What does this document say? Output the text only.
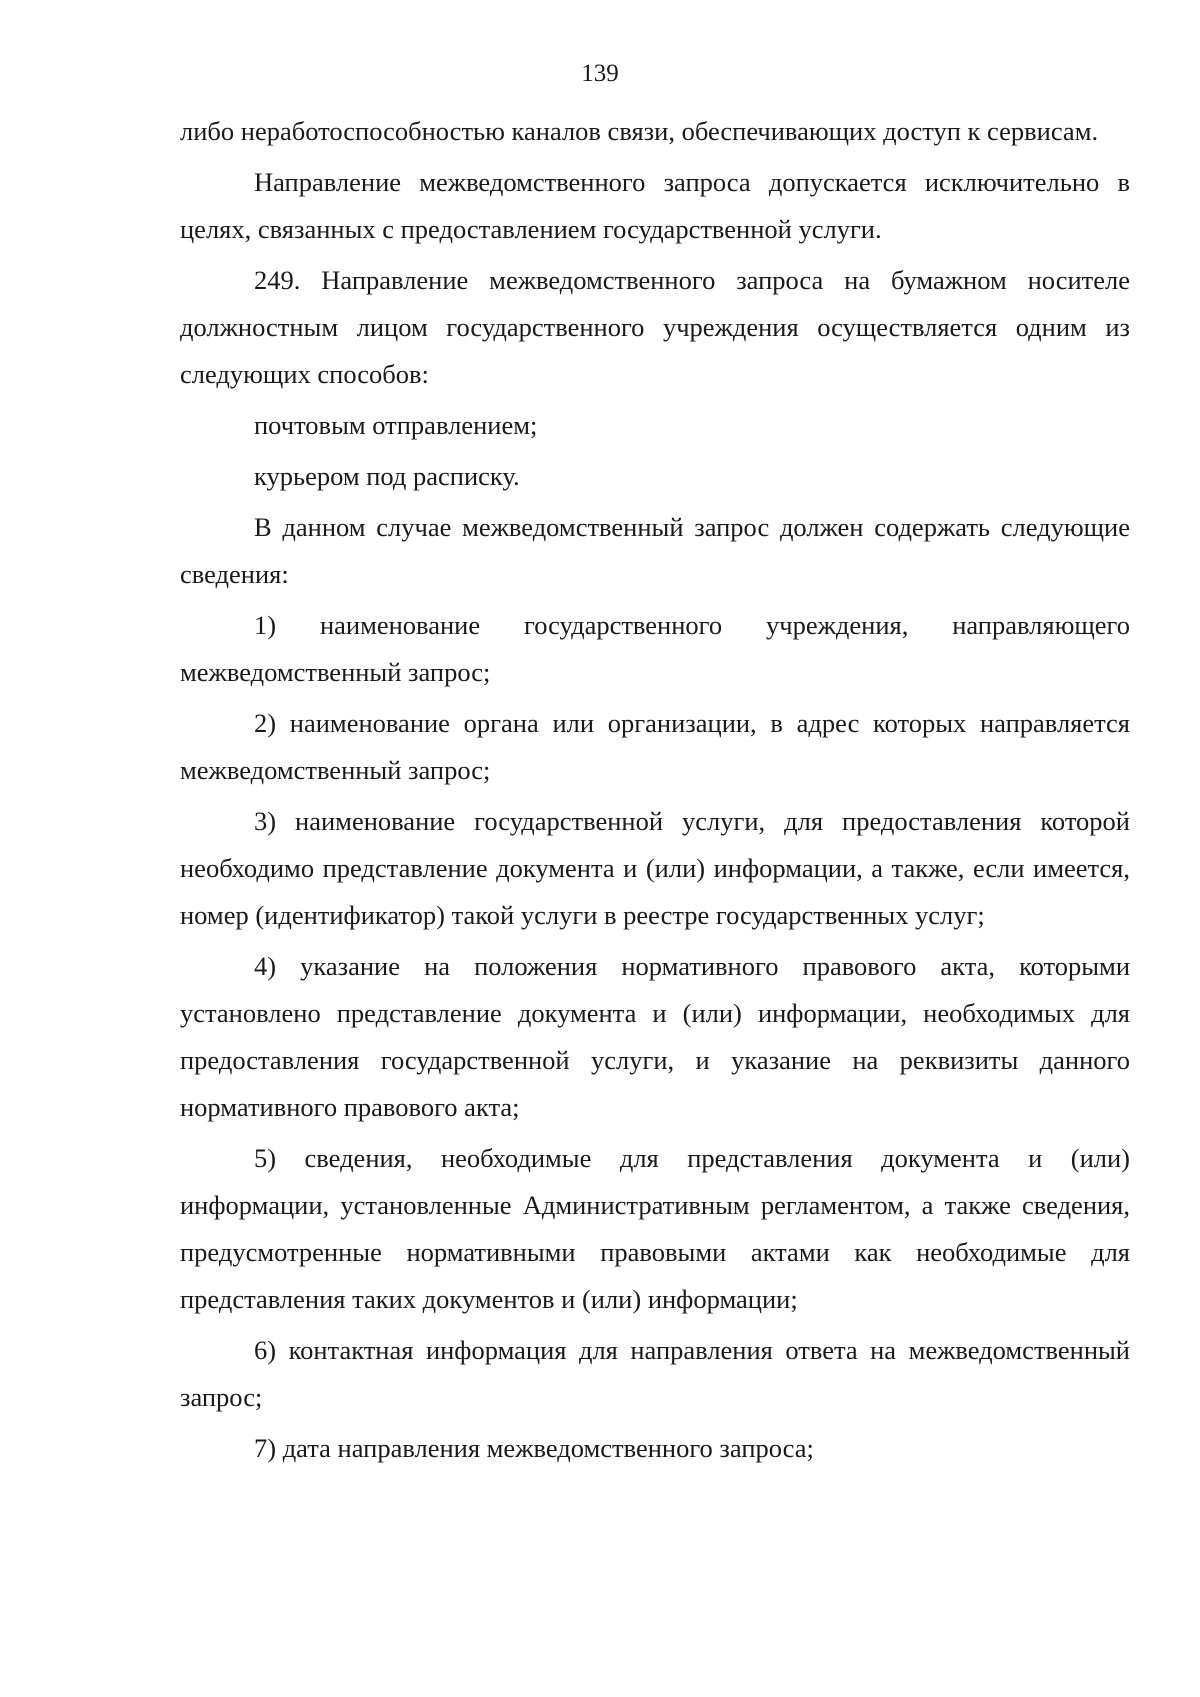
139

либо неработоспособностью каналов связи, обеспечивающих доступ к сервисам.

Направление межведомственного запроса допускается исключительно в целях, связанных с предоставлением государственной услуги.

249. Направление межведомственного запроса на бумажном носителе должностным лицом государственного учреждения осуществляется одним из следующих способов:

почтовым отправлением;

курьером под расписку.

В данном случае межведомственный запрос должен содержать следующие сведения:

1) наименование государственного учреждения, направляющего межведомственный запрос;

2) наименование органа или организации, в адрес которых направляется межведомственный запрос;

3) наименование государственной услуги, для предоставления которой необходимо представление документа и (или) информации, а также, если имеется, номер (идентификатор) такой услуги в реестре государственных услуг;

4) указание на положения нормативного правового акта, которыми установлено представление документа и (или) информации, необходимых для предоставления государственной услуги, и указание на реквизиты данного нормативного правового акта;

5) сведения, необходимые для представления документа и (или) информации, установленные Административным регламентом, а также сведения, предусмотренные нормативными правовыми актами как необходимые для представления таких документов и (или) информации;

6) контактная информация для направления ответа на межведомственный запрос;

7) дата направления межведомственного запроса;
